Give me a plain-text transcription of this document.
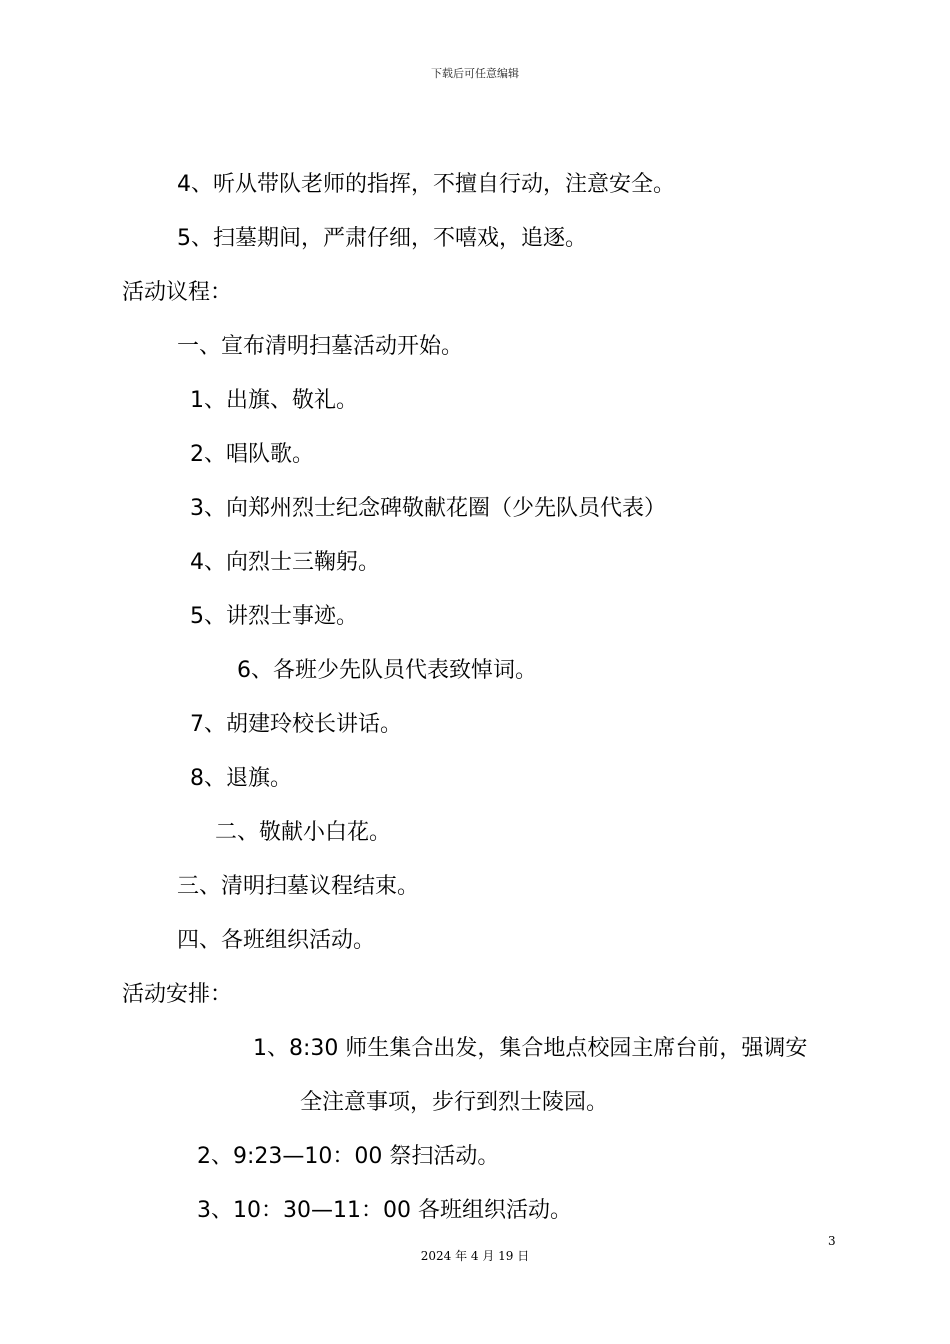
下载后可任意编辑
4、听从带队老师的指挥，不擅自行动，注意安全。
5、扫墓期间，严肃仔细，不嘻戏，追逐。
活动议程：
一、宣布清明扫墓活动开始。
1、出旗、敬礼。
2、唱队歌。
3、向郑州烈士纪念碑敬献花圈（少先队员代表）
4、向烈士三鞠躬。
5、讲烈士事迹。
6、各班少先队员代表致悼词。
7、胡建玲校长讲话。
8、退旗。
二、敬献小白花。
三、清明扫墓议程结束。
四、各班组织活动。
活动安排：
1、8:30 师生集合出发，集合地点校园主席台前，强调安
全注意事项，步行到烈士陵园。
2、9:23—10：00 祭扫活动。
3、10：30—11：00 各班组织活动。
3
2024 年 4 月 19 日
